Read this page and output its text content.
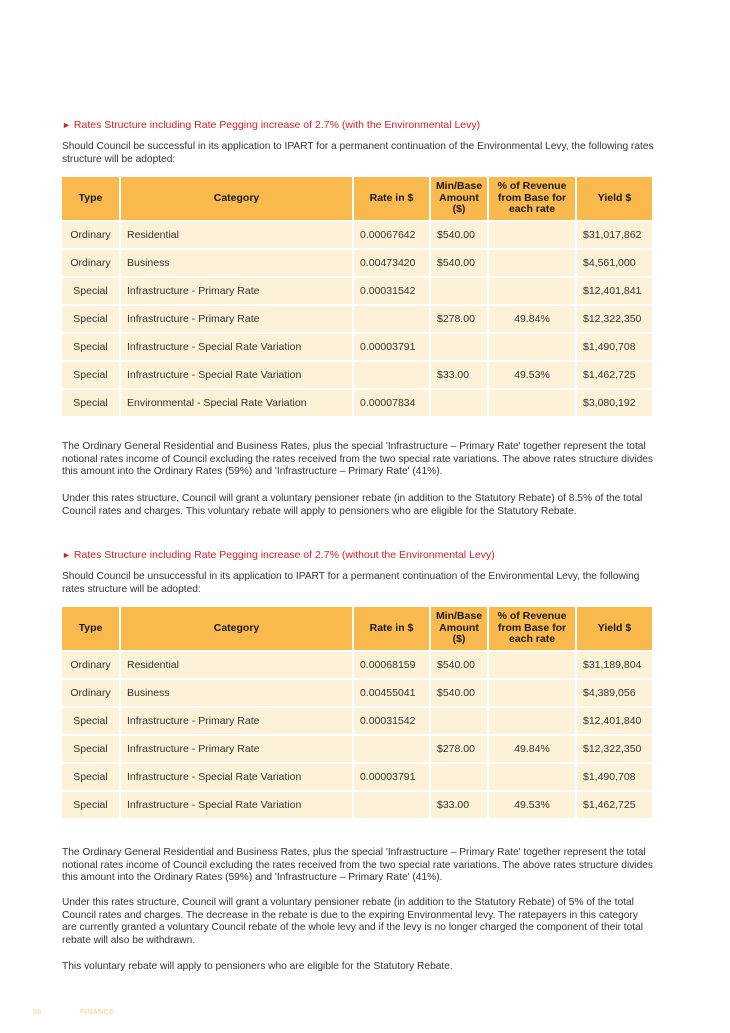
► Rates Structure including Rate Pegging increase of 2.7% (with the Environmental Levy)

Should Council be successful in its application to IPART for a permanent continuation of the Environmental Levy, the following rates structure will be adopted:

Type	Category	Rate in $	Min/Base Amount ($)	% of Revenue from Base for each rate	Yield $
Ordinary	Residential	0.00067642	$540.00		$31,017,862
Ordinary	Business	0.00473420	$540.00		$4,561,000
Special	Infrastructure - Primary Rate	0.00031542			$12,401,841
Special	Infrastructure - Primary Rate		$278.00	49.84%	$12,322,350
Special	Infrastructure - Special Rate Variation	0.00003791			$1,490,708
Special	Infrastructure - Special Rate Variation		$33.00	49.53%	$1,462,725
Special	Environmental - Special Rate Variation	0.00007834			$3,080,192

The Ordinary General Residential and Business Rates, plus the special 'Infrastructure – Primary Rate' together represent the total notional rates income of Council excluding the rates received from the two special rate variations. The above rates structure divides this amount into the Ordinary Rates (59%) and 'Infrastructure – Primary Rate' (41%).

Under this rates structure, Council will grant a voluntary pensioner rebate (in addition to the Statutory Rebate) of 8.5% of the total Council rates and charges. This voluntary rebate will apply to pensioners who are eligible for the Statutory Rebate.

► Rates Structure including Rate Pegging increase of 2.7% (without the Environmental Levy)

Should Council be unsuccessful in its application to IPART for a permanent continuation of the Environmental Levy, the following rates structure will be adopted:

Type	Category	Rate in $	Min/Base Amount ($)	% of Revenue from Base for each rate	Yield $
Ordinary	Residential	0.00068159	$540.00		$31,189,804
Ordinary	Business	0.00455041	$540.00		$4,389,056
Special	Infrastructure - Primary Rate	0.00031542			$12,401,840
Special	Infrastructure - Primary Rate		$278.00	49.84%	$12,322,350
Special	Infrastructure - Special Rate Variation	0.00003791			$1,490,708
Special	Infrastructure - Special Rate Variation		$33.00	49.53%	$1,462,725

The Ordinary General Residential and Business Rates, plus the special 'Infrastructure – Primary Rate' together represent the total notional rates income of Council excluding the rates received from the two special rate variations. The above rates structure divides this amount into the Ordinary Rates (59%) and 'Infrastructure – Primary Rate' (41%).

Under this rates structure, Council will grant a voluntary pensioner rebate (in addition to the Statutory Rebate) of 5% of the total Council rates and charges. The decrease in the rebate is due to the expiring Environmental levy. The ratepayers in this category are currently granted a voluntary Council rebate of the whole levy and if the levy is no longer charged the component of their total rebate will also be withdrawn.

This voluntary rebate will apply to pensioners who are eligible for the Statutory Rebate.

66	FINANCE
